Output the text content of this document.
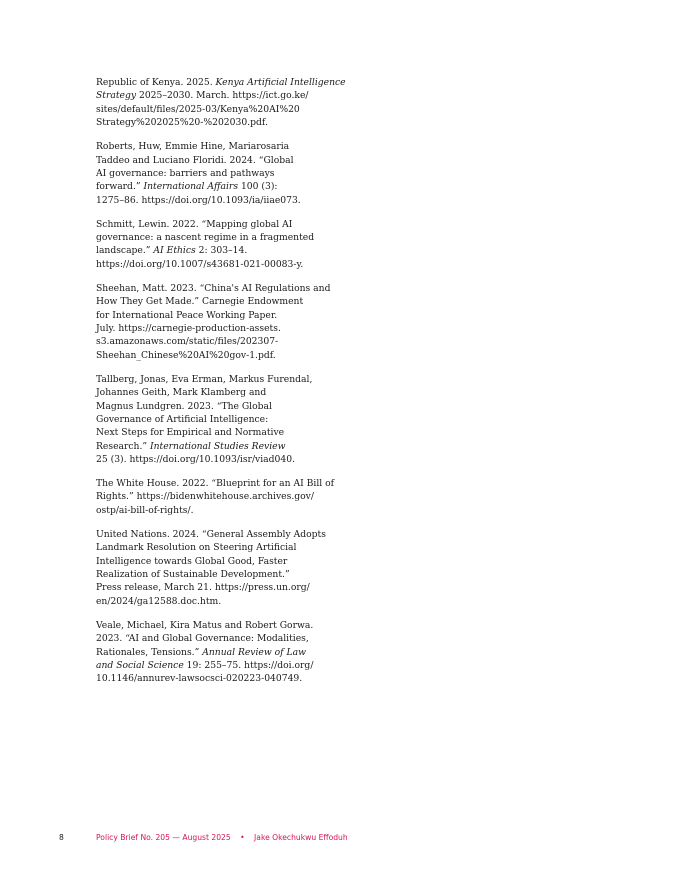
Republic of Kenya. 2025. Kenya Artificial Intelligence
Strategy 2025–2030. March. https://ict.go.ke/
sites/default/files/2025-03/Kenya%20AI%20
Strategy%202025%20-%202030.pdf.
Roberts, Huw, Emmie Hine, Mariarosaria
Taddeo and Luciano Floridi. 2024. “Global
AI governance: barriers and pathways
forward.” International Affairs 100 (3):
1275–86. https://doi.org/10.1093/ia/iiae073.
Schmitt, Lewin. 2022. “Mapping global AI
governance: a nascent regime in a fragmented
landscape.” AI Ethics 2: 303–14.
https://doi.org/10.1007/s43681-021-00083-y.
Sheehan, Matt. 2023. “China's AI Regulations and
How They Get Made.” Carnegie Endowment
for International Peace Working Paper.
July. https://carnegie-production-assets.
s3.amazonaws.com/static/files/202307-
Sheehan_Chinese%20AI%20gov-1.pdf.
Tallberg, Jonas, Eva Erman, Markus Furendal,
Johannes Geith, Mark Klamberg and
Magnus Lundgren. 2023. “The Global
Governance of Artificial Intelligence:
Next Steps for Empirical and Normative
Research.” International Studies Review
25 (3). https://doi.org/10.1093/isr/viad040.
The White House. 2022. “Blueprint for an AI Bill of
Rights.” https://bidenwhitehouse.archives.gov/
ostp/ai-bill-of-rights/.
United Nations. 2024. “General Assembly Adopts
Landmark Resolution on Steering Artificial
Intelligence towards Global Good, Faster
Realization of Sustainable Development.”
Press release, March 21. https://press.un.org/
en/2024/ga12588.doc.htm.
Veale, Michael, Kira Matus and Robert Gorwa.
2023. “AI and Global Governance: Modalities,
Rationales, Tensions.” Annual Review of Law
and Social Science 19: 255–75. https://doi.org/
10.1146/annurev-lawsocsci-020223-040749.
8	Policy Brief No. 205 — August 2025 • Jake Okechukwu Effoduh
